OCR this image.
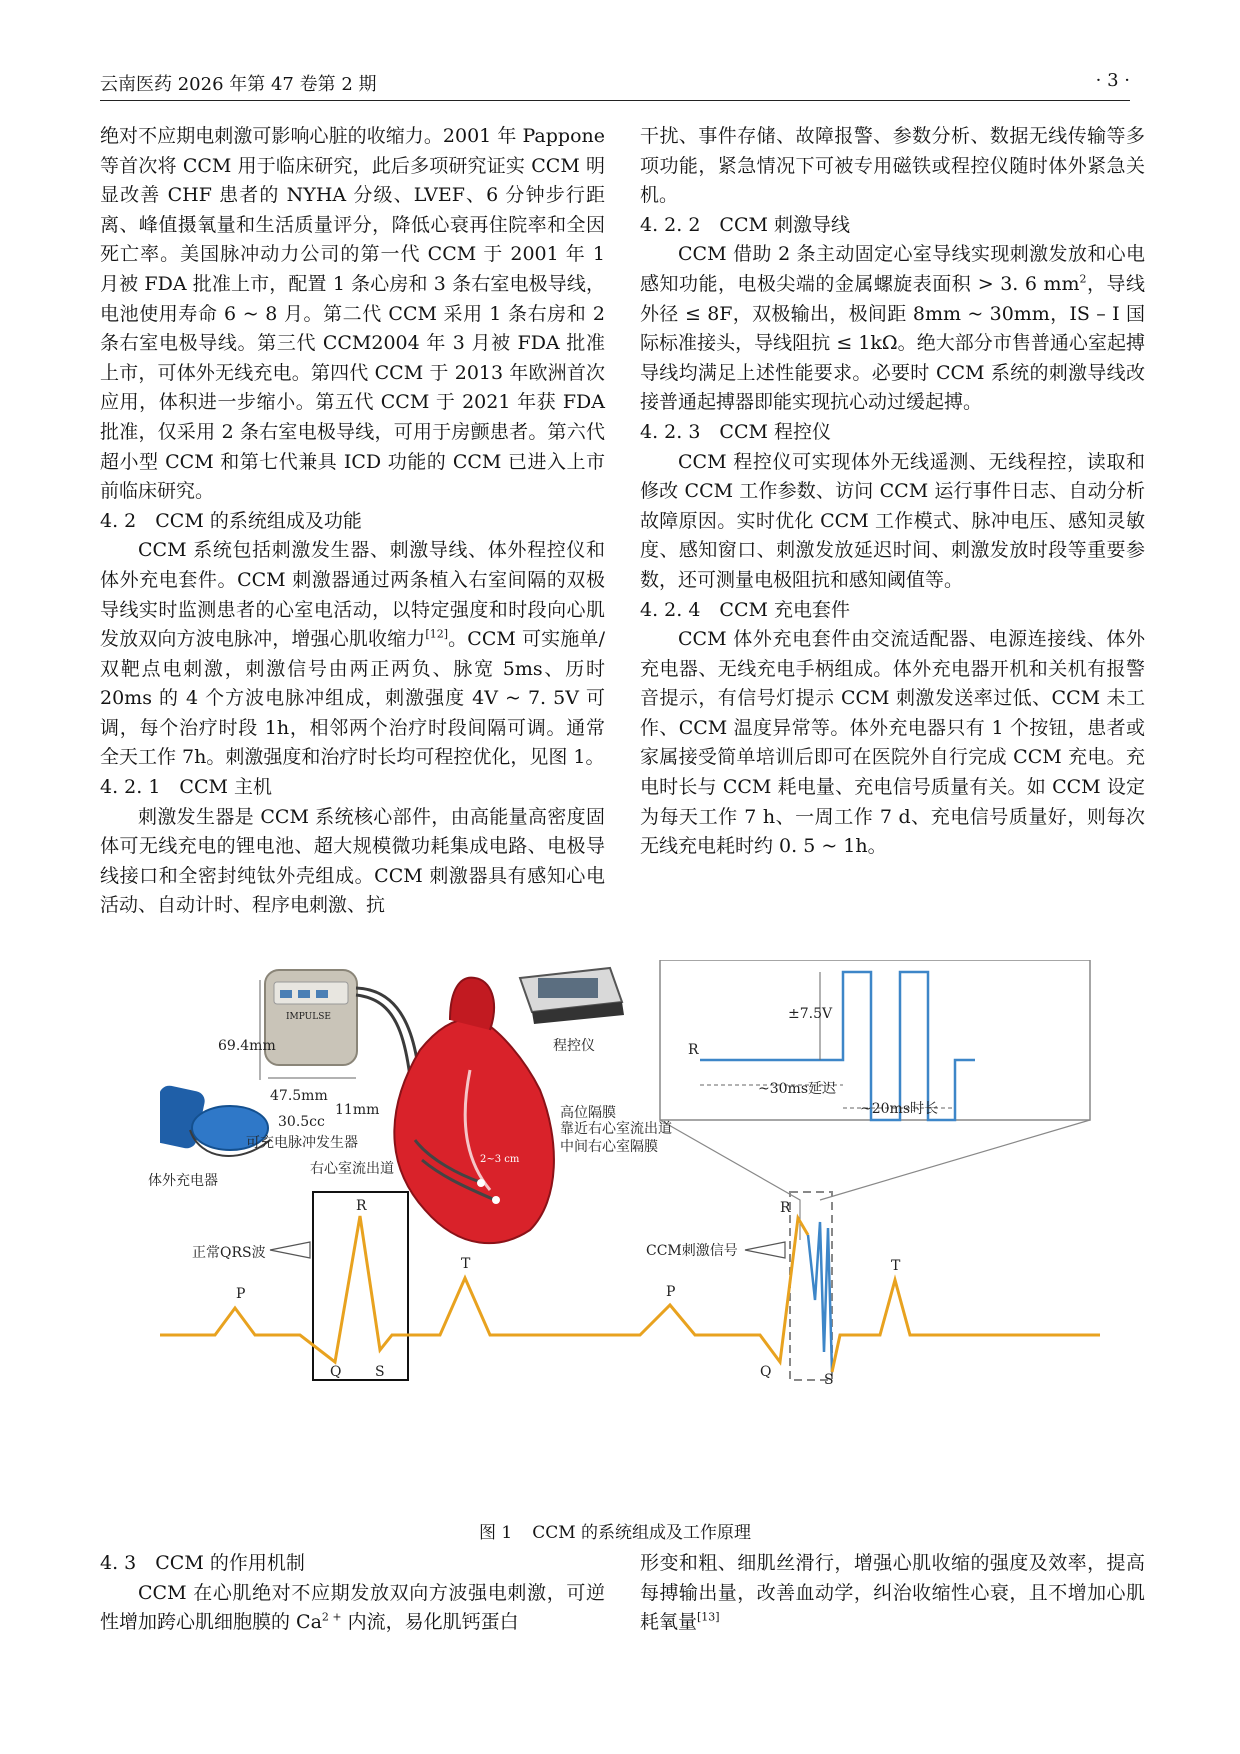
云南医药 2026 年第 47 卷第 2 期	· 3 ·

绝对不应期电刺激可影响心脏的收缩力。2001 年 Pappone 等首次将 CCM 用于临床研究，此后多项研究证实 CCM 明显改善 CHF 患者的 NYHA 分级、LVEF、6 分钟步行距离、峰值摄氧量和生活质量评分，降低心衰再住院率和全因死亡率。美国脉冲动力公司的第一代 CCM 于 2001 年 1 月被 FDA 批准上市，配置 1 条心房和 3 条右室电极导线，电池使用寿命 6 ~ 8 月。第二代 CCM 采用 1 条右房和 2 条右室电极导线。第三代 CCM2004 年 3 月被 FDA 批准上市，可体外无线充电。第四代 CCM 于 2013 年欧洲首次应用，体积进一步缩小。第五代 CCM 于 2021 年获 FDA 批准，仅采用 2 条右室电极导线，可用于房颤患者。第六代超小型 CCM 和第七代兼具 ICD 功能的 CCM 已进入上市前临床研究。

4. 2　CCM 的系统组成及功能

CCM 系统包括刺激发生器、刺激导线、体外程控仪和体外充电套件。CCM 刺激器通过两条植入右室间隔的双极导线实时监测患者的心室电活动，以特定强度和时段向心肌发放双向方波电脉冲，增强心肌收缩力[12]。CCM 可实施单/双靶点电刺激，刺激信号由两正两负、脉宽 5ms、历时 20ms 的 4 个方波电脉冲组成，刺激强度 4V ~ 7. 5V 可调，每个治疗时段 1h，相邻两个治疗时段间隔可调。通常全天工作 7h。刺激强度和治疗时长均可程控优化，见图 1。

4. 2. 1　CCM 主机

刺激发生器是 CCM 系统核心部件，由高能量高密度固体可无线充电的锂电池、超大规模微功耗集成电路、电极导线接口和全密封纯钛外壳组成。CCM 刺激器具有感知心电活动、自动计时、程序电刺激、抗

干扰、事件存储、故障报警、参数分析、数据无线传输等多项功能，紧急情况下可被专用磁铁或程控仪随时体外紧急关机。

4. 2. 2　CCM 刺激导线

CCM 借助 2 条主动固定心室导线实现刺激发放和心电感知功能，电极尖端的金属螺旋表面积 > 3. 6 $mm^2$，导线外径 ≤ 8F，双极输出，极间距 8mm ~ 30mm，IS – I 国际标准接头，导线阻抗 ≤ 1kΩ。绝大部分市售普通心室起搏导线均满足上述性能要求。必要时 CCM 系统的刺激导线改接普通起搏器即能实现抗心动过缓起搏。

4. 2. 3　CCM 程控仪

CCM 程控仪可实现体外无线遥测、无线程控，读取和修改 CCM 工作参数、访问 CCM 运行事件日志、自动分析故障原因。实时优化 CCM 工作模式、脉冲电压、感知灵敏度、感知窗口、刺激发放延迟时间、刺激发放时段等重要参数，还可测量电极阻抗和感知阈值等。

4. 2. 4　CCM 充电套件

CCM 体外充电套件由交流适配器、电源连接线、体外充电器、无线充电手柄组成。体外充电器开机和关机有报警音提示，有信号灯提示 CCM 刺激发送率过低、CCM 未工作、CCM 温度异常等。体外充电器只有 1 个按钮，患者或家属接受简单培训后即可在医院外自行完成 CCM 充电。充电时长与 CCM 耗电量、充电信号质量有关。如 CCM 设定为每天工作 7 h、一周工作 7 d、充电信号质量好，则每次无线充电耗时约 0. 5 ~ 1h。

69.4mm
47.5mm
11mm
30.5cc
可充电脉冲发生器
IMPULSE
程控仪
体外充电器
高位隔膜
靠近右心室流出道
中间右心室隔膜
右心室流出道
2~3 cm
±7.5V
R
~30ms延迟
~20ms时长
正常QRS波	CCM刺激信号
P
Q
R
S
T
P
Q
R
S
T
图 1 CCM 的系统组成及工作原理
4. 3　CCM 的作用机制

CCM 在心肌绝对不应期发放双向方波强电刺激，可逆性增加跨心肌细胞膜的 $Ca^{2 +}$ 内流，易化肌钙蛋白

形变和粗、细肌丝滑行，增强心肌收缩的强度及效率，提高每搏输出量，改善血动学，纠治收缩性心衰，且不增加心肌耗氧量[13]
